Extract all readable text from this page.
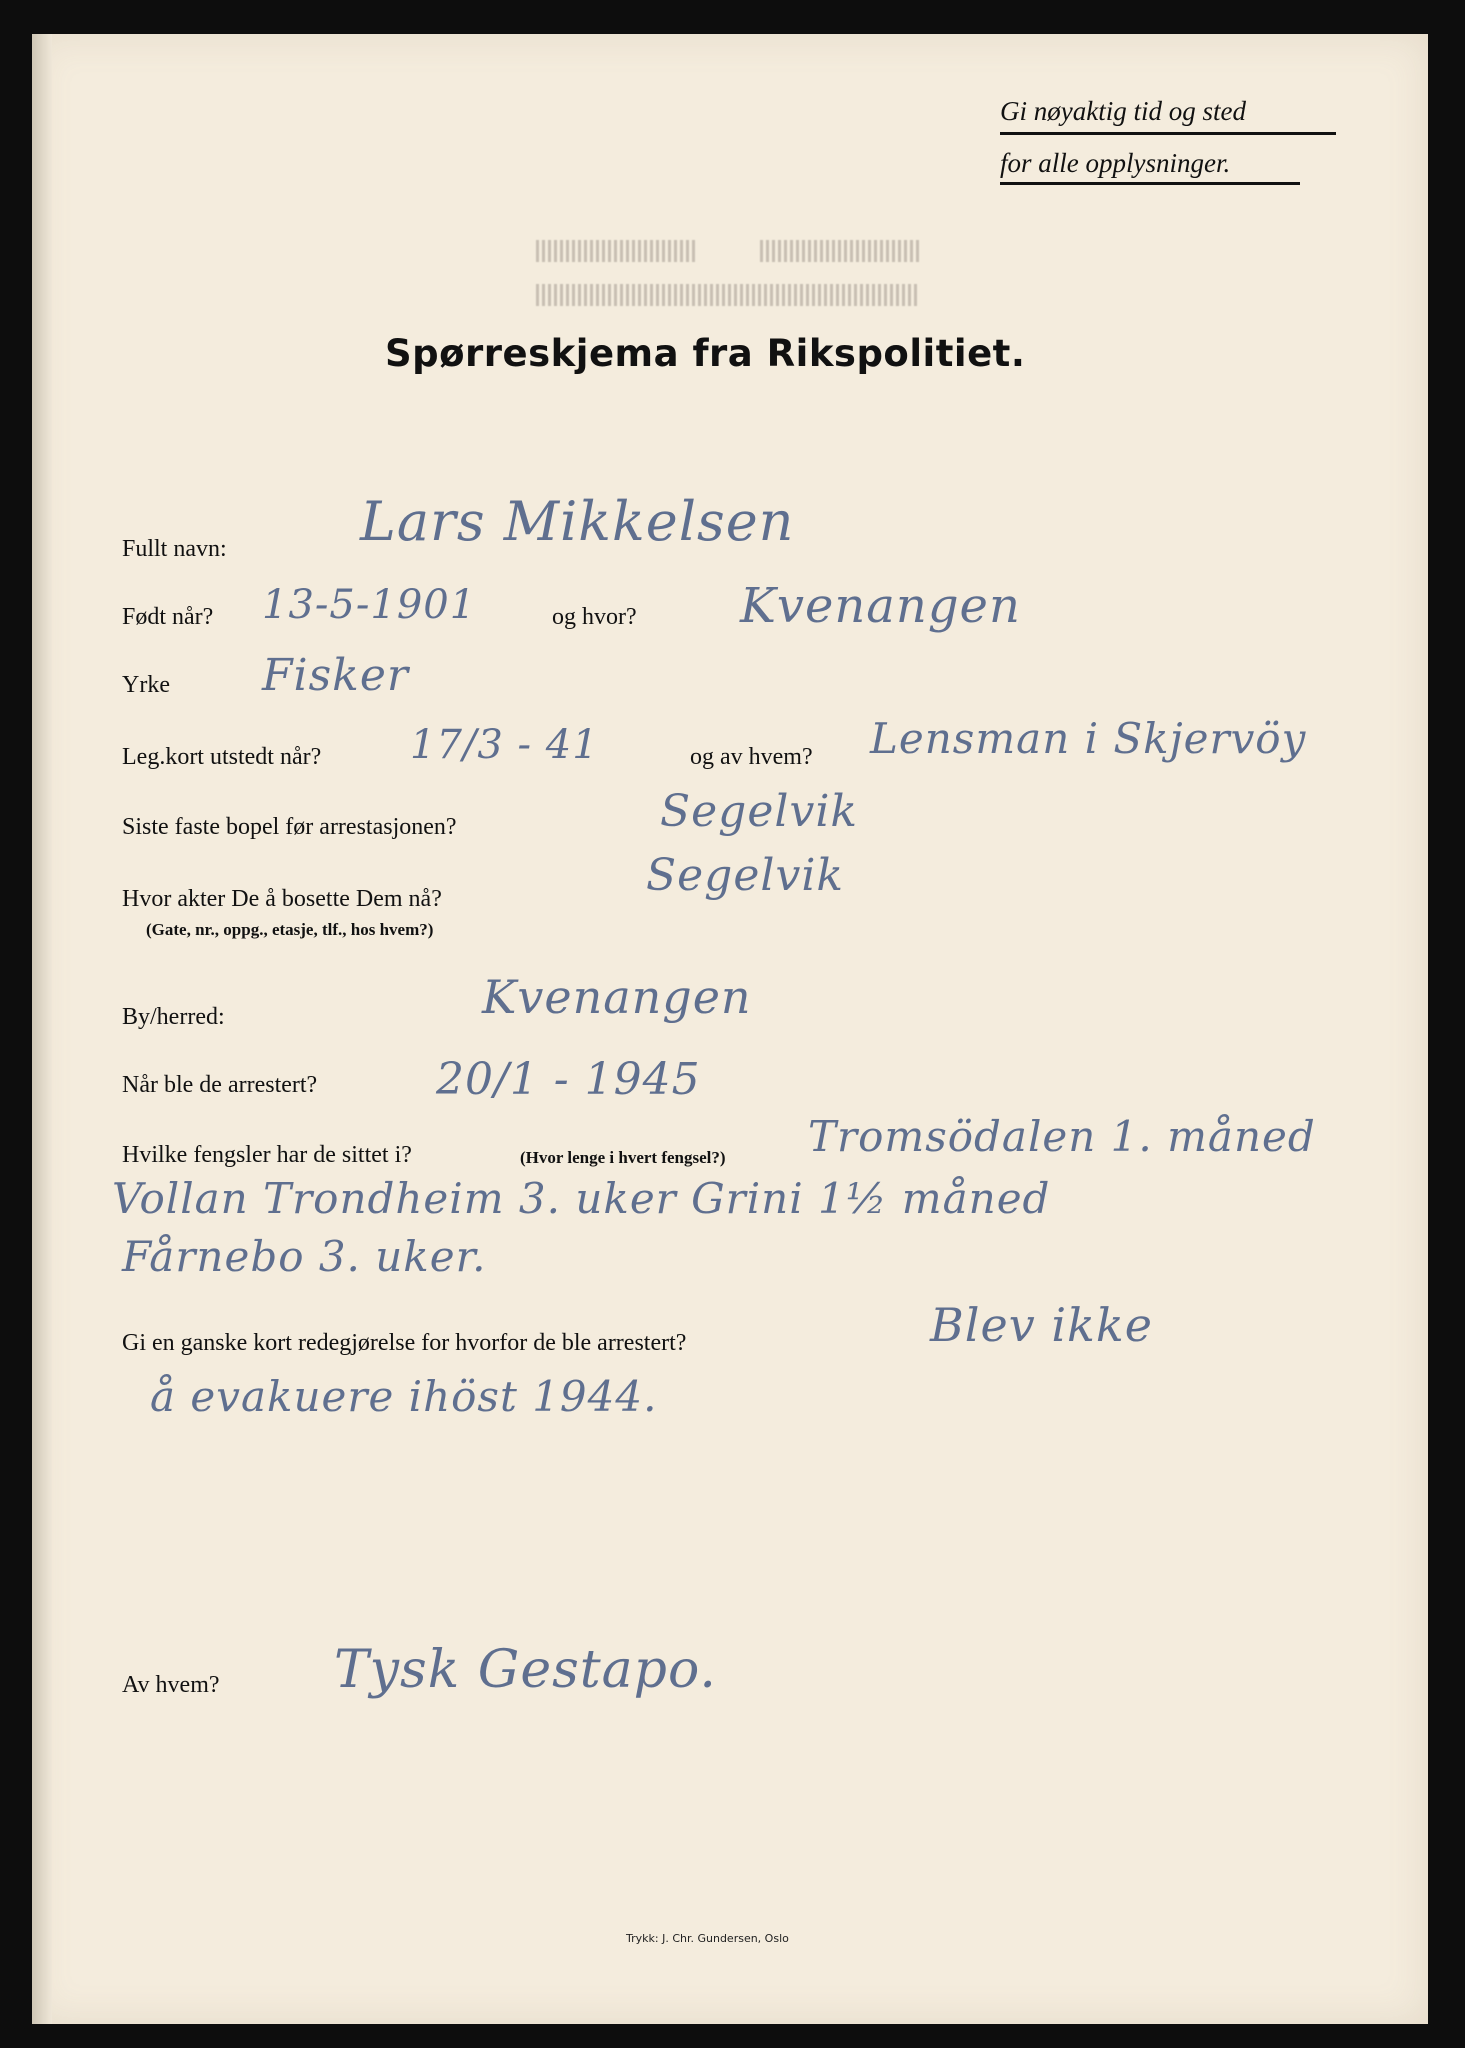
Gi nøyaktig tid og sted
for alle opplysninger.
Spørreskjema fra Rikspolitiet.
Fullt navn: Lars Mikkelsen
Født når? 13-5-1901	og hvor? Kvenangen
Yrke Fisker
Leg.kort utstedt når? 17/3 - 41	og av hvem? Lensman i Skjervöy
Siste faste bopel før arrestasjonen?	Segelvik
Hvor akter De å bosette Dem nå?
(Gate, nr., oppg., etasje, tlf., hos hvem?)
Segelvik
By/herred:	Kvenangen
Når ble de arrestert?	20/1 - 1945
Hvilke fengsler har de sittet i?	(Hvor lenge i hvert fengsel?) Tromsödalen 1. måned
Vollan Trondheim 3. uker Grini 1½ måned
Fårnebo 3. uker.
Gi en ganske kort redegjørelse for hvorfor de ble arrestert?	Blev ikke
å evakuere ihöst 1944.
Av hvem? Tysk Gestapo.
Trykk: J. Chr. Gundersen, Oslo
